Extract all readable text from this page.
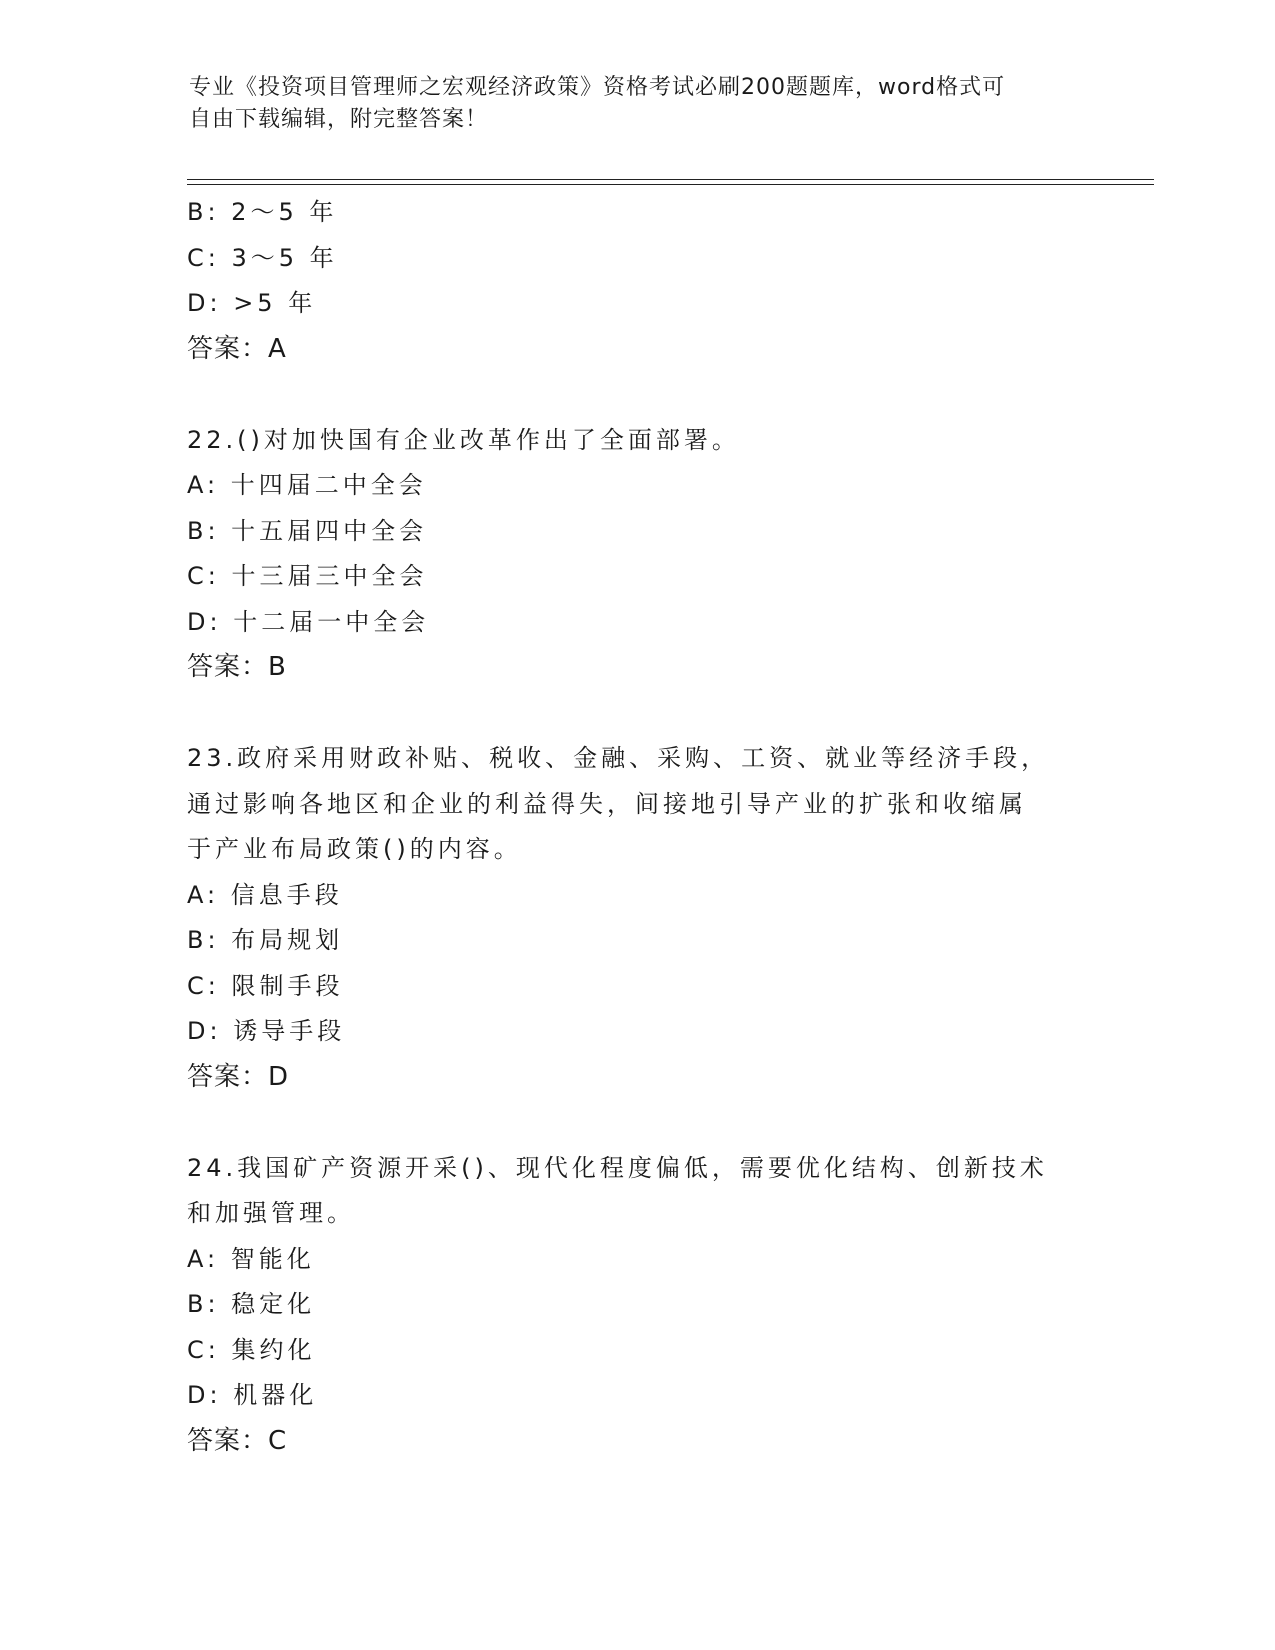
专业《投资项目管理师之宏观经济政策》资格考试必刷200题题库，word格式可

自由下载编辑，附完整答案！

B: 2～5 年
C: 3～5 年
D: >5 年
答案：A
22.()对加快国有企业改革作出了全面部署。
A: 十四届二中全会
B: 十五届四中全会
C: 十三届三中全会
D: 十二届一中全会
答案：B
23.政府采用财政补贴、税收、金融、采购、工资、就业等经济手段，
通过影响各地区和企业的利益得失，间接地引导产业的扩张和收缩属
于产业布局政策()的内容。
A: 信息手段
B: 布局规划
C: 限制手段
D: 诱导手段
答案：D
24.我国矿产资源开采()、现代化程度偏低，需要优化结构、创新技术
和加强管理。
A: 智能化
B: 稳定化
C: 集约化
D: 机器化
答案：C
